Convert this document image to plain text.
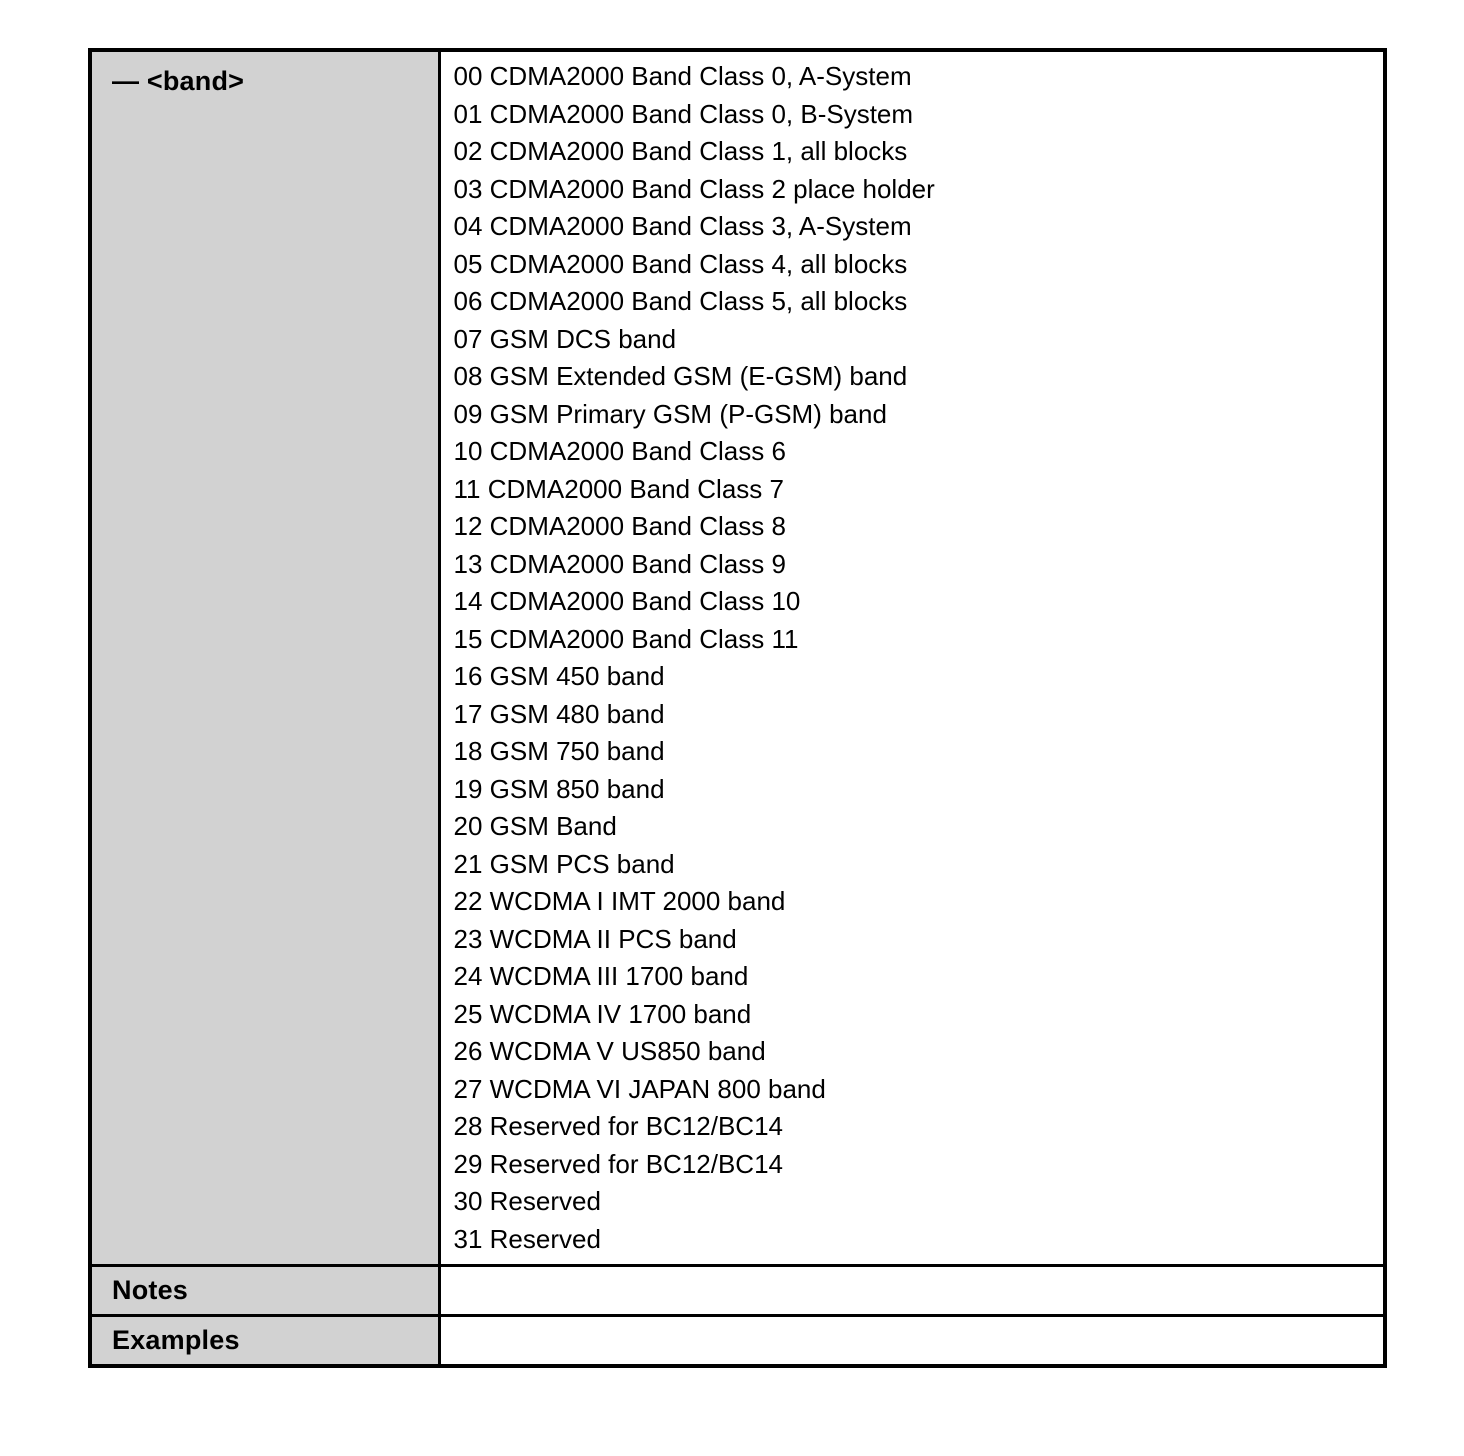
— <band>	00 CDMA2000 Band Class 0, A-System
01 CDMA2000 Band Class 0, B-System
02 CDMA2000 Band Class 1, all blocks
03 CDMA2000 Band Class 2 place holder
04 CDMA2000 Band Class 3, A-System
05 CDMA2000 Band Class 4, all blocks
06 CDMA2000 Band Class 5, all blocks
07 GSM DCS band
08 GSM Extended GSM (E-GSM) band
09 GSM Primary GSM (P-GSM) band
10 CDMA2000 Band Class 6
11 CDMA2000 Band Class 7
12 CDMA2000 Band Class 8
13 CDMA2000 Band Class 9
14 CDMA2000 Band Class 10
15 CDMA2000 Band Class 11
16 GSM 450 band
17 GSM 480 band
18 GSM 750 band
19 GSM 850 band
20 GSM Band
21 GSM PCS band
22 WCDMA I IMT 2000 band
23 WCDMA II PCS band
24 WCDMA III 1700 band
25 WCDMA IV 1700 band
26 WCDMA V US850 band
27 WCDMA VI JAPAN 800 band
28 Reserved for BC12/BC14
29 Reserved for BC12/BC14
30 Reserved
31 Reserved

Notes	

Examples	
